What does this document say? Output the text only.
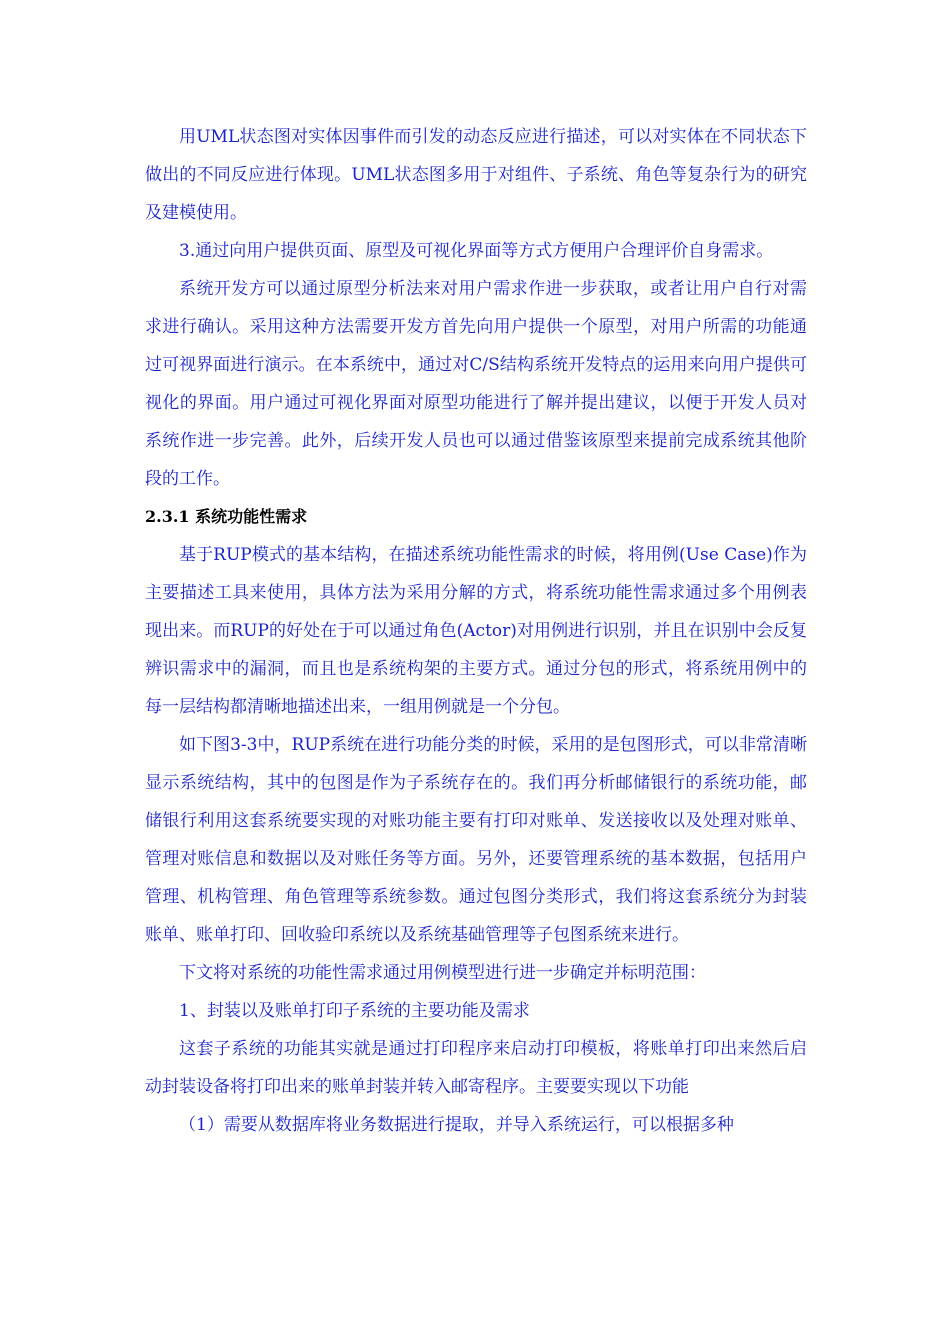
用UML状态图对实体因事件而引发的动态反应进行描述，可以对实体在不同状态下做出的不同反应进行体现。UML状态图多用于对组件、子系统、角色等复杂行为的研究及建模使用。

3.通过向用户提供页面、原型及可视化界面等方式方便用户合理评价自身需求。

系统开发方可以通过原型分析法来对用户需求作进一步获取，或者让用户自行对需求进行确认。采用这种方法需要开发方首先向用户提供一个原型，对用户所需的功能通过可视界面进行演示。在本系统中，通过对C/S结构系统开发特点的运用来向用户提供可视化的界面。用户通过可视化界面对原型功能进行了解并提出建议，以便于开发人员对系统作进一步完善。此外，后续开发人员也可以通过借鉴该原型来提前完成系统其他阶段的工作。

2.3.1 系统功能性需求

基于RUP模式的基本结构，在描述系统功能性需求的时候，将用例(Use Case)作为主要描述工具来使用，具体方法为采用分解的方式，将系统功能性需求通过多个用例表现出来。而RUP的好处在于可以通过角色(Actor)对用例进行识别，并且在识别中会反复辨识需求中的漏洞，而且也是系统构架的主要方式。通过分包的形式，将系统用例中的每一层结构都清晰地描述出来，一组用例就是一个分包。

如下图3-3中，RUP系统在进行功能分类的时候，采用的是包图形式，可以非常清晰显示系统结构，其中的包图是作为子系统存在的。我们再分析邮储银行的系统功能，邮储银行利用这套系统要实现的对账功能主要有打印对账单、发送接收以及处理对账单、管理对账信息和数据以及对账任务等方面。另外，还要管理系统的基本数据，包括用户管理、机构管理、角色管理等系统参数。通过包图分类形式，我们将这套系统分为封装账单、账单打印、回收验印系统以及系统基础管理等子包图系统来进行。

下文将对系统的功能性需求通过用例模型进行进一步确定并标明范围：

1、封装以及账单打印子系统的主要功能及需求

这套子系统的功能其实就是通过打印程序来启动打印模板，将账单打印出来然后启动封装设备将打印出来的账单封装并转入邮寄程序。主要要实现以下功能

（1）需要从数据库将业务数据进行提取，并导入系统运行，可以根据多种
